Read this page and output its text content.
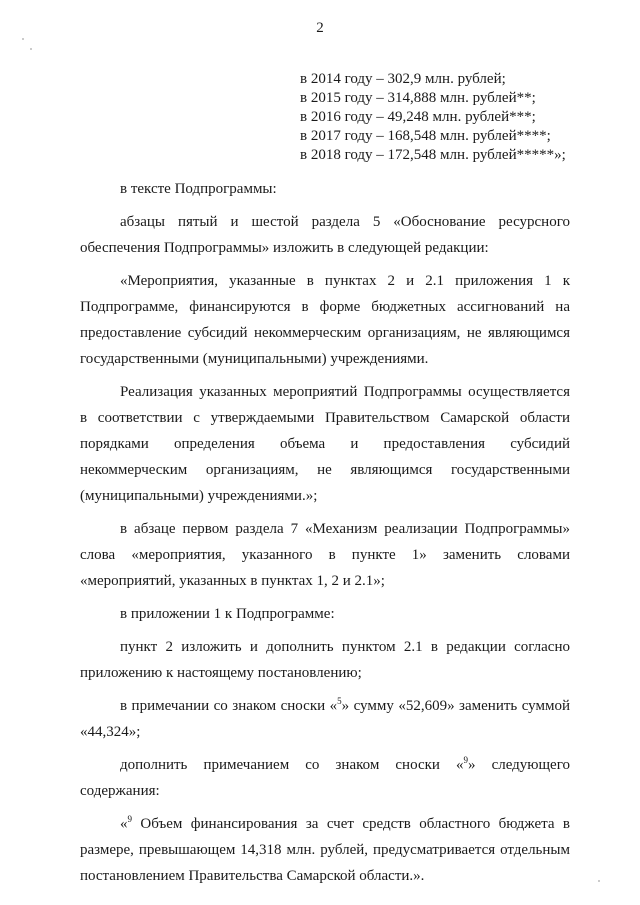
2
в 2014 году – 302,9 млн. рублей;
в 2015 году – 314,888 млн. рублей**;
в 2016 году – 49,248 млн. рублей***;
в 2017 году – 168,548 млн. рублей****;
в 2018 году – 172,548 млн. рублей*****»;

в тексте Подпрограммы:

абзацы пятый и шестой раздела 5 «Обоснование ресурсного обеспечения Подпрограммы» изложить в следующей редакции:

«Мероприятия, указанные в пунктах 2 и 2.1 приложения 1 к Подпрограмме, финансируются в форме бюджетных ассигнований на предоставление субсидий некоммерческим организациям, не являющимся государственными (муниципальными) учреждениями.

Реализация указанных мероприятий Подпрограммы осуществляется в соответствии с утверждаемыми Правительством Самарской области порядками определения объема и предоставления субсидий некоммерческим организациям, не являющимся государственными (муниципальными) учреждениями.»;

в абзаце первом раздела 7 «Механизм реализации Подпрограммы» слова «мероприятия, указанного в пункте 1» заменить словами «мероприятий, указанных в пунктах 1, 2 и 2.1»;

в приложении 1 к Подпрограмме:

пункт 2 изложить и дополнить пунктом 2.1 в редакции согласно приложению к настоящему постановлению;

в примечании со знаком сноски «$^5$» сумму «52,609» заменить суммой «44,324»;

дополнить примечанием со знаком сноски «$^9$» следующего содержания:

«$^9$ Объем финансирования за счет средств областного бюджета в размере, превышающем 14,318 млн. рублей, предусматривается отдельным постановлением Правительства Самарской области.».
